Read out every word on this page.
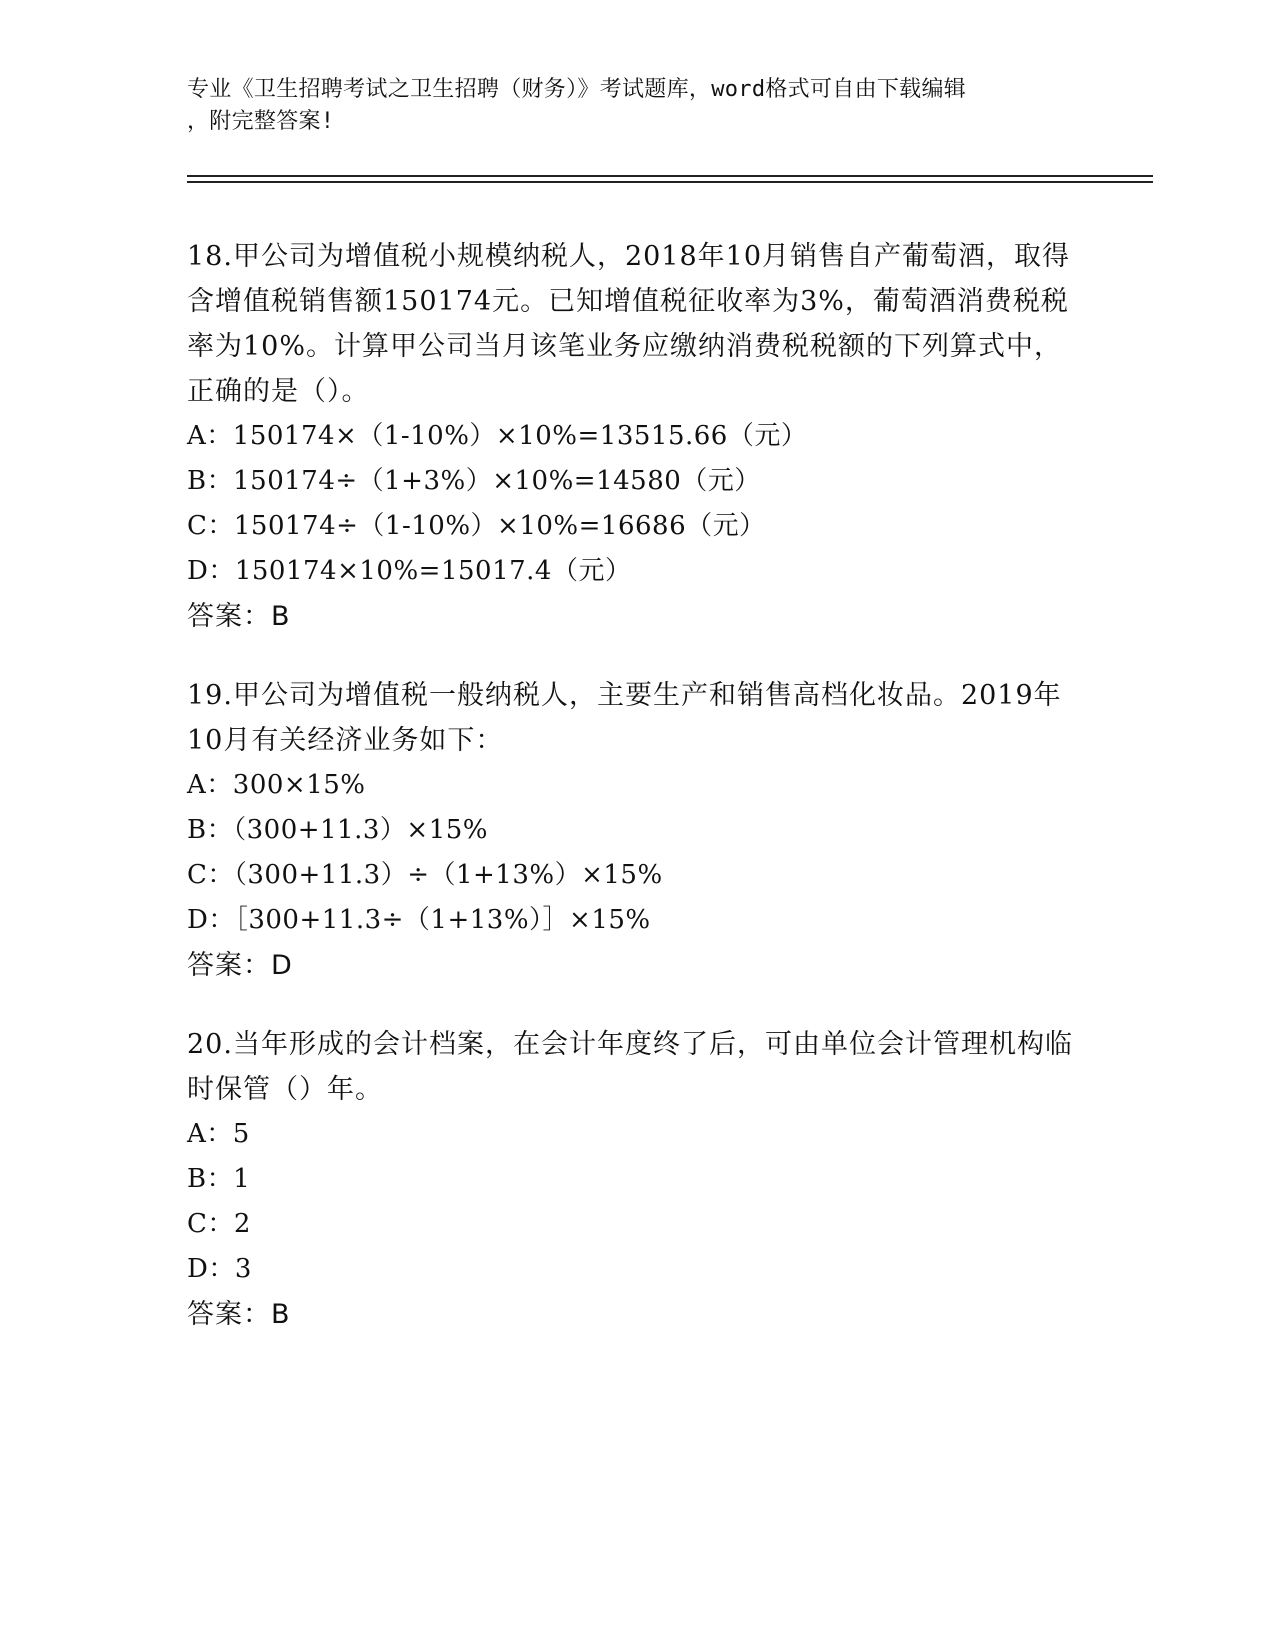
专业《卫生招聘考试之卫生招聘（财务）》考试题库，word格式可自由下载编辑
，附完整答案!
18.甲公司为增值税小规模纳税人，2018年10月销售自产葡萄酒，取得含增值税销售额150174元。已知增值税征收率为3%，葡萄酒消费税税率为10%。计算甲公司当月该笔业务应缴纳消费税税额的下列算式中，正确的是（）。
A：150174×（1-10%）×10%=13515.66（元）
B：150174÷（1+3%）×10%=14580（元）
C：150174÷（1-10%）×10%=16686（元）
D：150174×10%=15017.4（元）
答案：B
19.甲公司为增值税一般纳税人，主要生产和销售高档化妆品。2019年10月有关经济业务如下：
A：300×15%
B：（300+11.3）×15%
C：（300+11.3）÷（1+13%）×15%
D：［300+11.3÷（1+13%）］×15%
答案：D
20.当年形成的会计档案，在会计年度终了后，可由单位会计管理机构临时保管（）年。
A：5
B：1
C：2
D：3
答案：B
